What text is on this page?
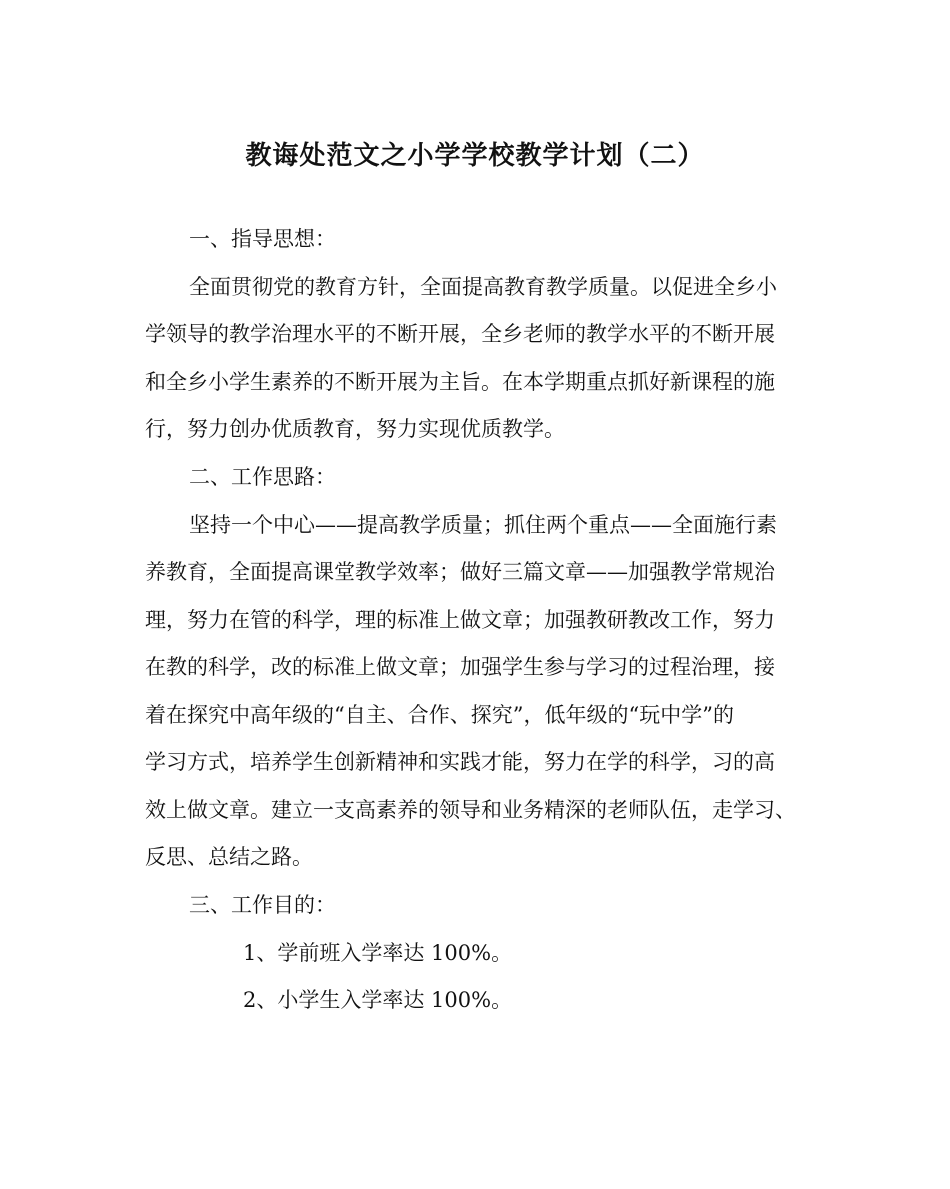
教诲处范文之小学学校教学计划（二）
一、指导思想：
全面贯彻党的教育方针，全面提高教育教学质量。以促进全乡小
学领导的教学治理水平的不断开展，全乡老师的教学水平的不断开展
和全乡小学生素养的不断开展为主旨。在本学期重点抓好新课程的施
行，努力创办优质教育，努力实现优质教学。
二、工作思路：
坚持一个中心——提高教学质量；抓住两个重点——全面施行素
养教育，全面提高课堂教学效率；做好三篇文章——加强教学常规治
理，努力在管的科学，理的标准上做文章；加强教研教改工作，努力
在教的科学，改的标准上做文章；加强学生参与学习的过程治理，接
着在探究中高年级的“自主、合作、探究”，低年级的“玩中学”的
学习方式，培养学生创新精神和实践才能，努力在学的科学，习的高
效上做文章。建立一支高素养的领导和业务精深的老师队伍，走学习、
反思、总结之路。
三、工作目的：
1、学前班入学率达 100%。
2、小学生入学率达 100%。
